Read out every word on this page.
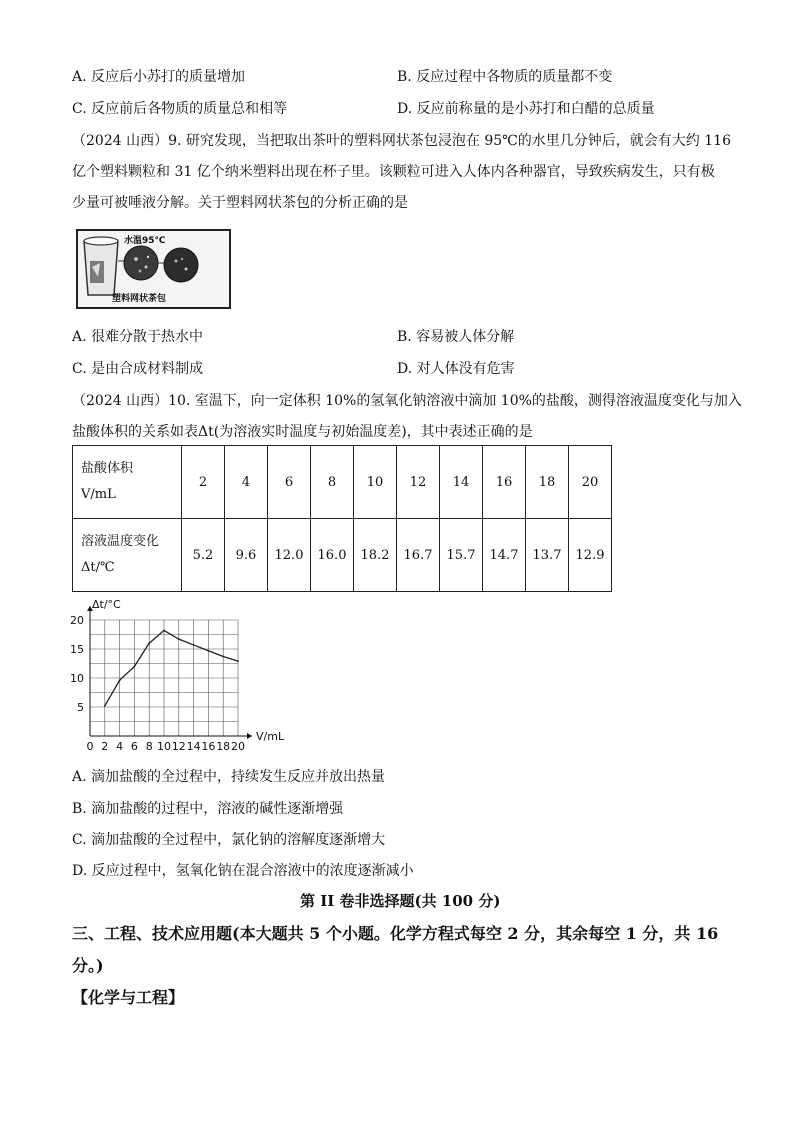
A. 反应后小苏打的质量增加	B. 反应过程中各物质的质量都不变
C. 反应前后各物质的质量总和相等	D. 反应前称量的是小苏打和白醋的总质量
（2024 山西）9. 研究发现，当把取出茶叶的塑料网状茶包浸泡在 95℃的水里几分钟后，就会有大约 116
亿个塑料颗粒和 31 亿个纳米塑料出现在杯子里。该颗粒可进入人体内各种器官，导致疾病发生，只有极
少量可被唾液分解。关于塑料网状茶包的分析正确的是
水温95℃
塑料网状茶包
A. 很难分散于热水中	B. 容易被人体分解
C. 是由合成材料制成	D. 对人体没有危害
（2024 山西）10. 室温下，向一定体积 10%的氢氧化钠溶液中滴加 10%的盐酸，测得溶液温度变化与加入
盐酸体积的关系如表Δt(为溶液实时温度与初始温度差)，其中表述正确的是
盐酸体积
V/mL	2	4	6	8	10	12	14	16	18	20

溶液温度变化
Δt/℃	5.2	9.6	12.0	16.0	18.2	16.7	15.7	14.7	13.7	12.9
0 2 4 6 8 10 12 14 16 18 20
5
10
15
20
Δt/°C
V/mL
A. 滴加盐酸的全过程中，持续发生反应并放出热量
B. 滴加盐酸的过程中，溶液的碱性逐渐增强
C. 滴加盐酸的全过程中，氯化钠的溶解度逐渐增大
D. 反应过程中，氢氧化钠在混合溶液中的浓度逐渐减小
第 II 卷非选择题(共 100 分)
三、工程、技术应用题(本大题共 5 个小题。化学方程式每空 2 分，其余每空 1 分，共 16
分。)
【化学与工程】
